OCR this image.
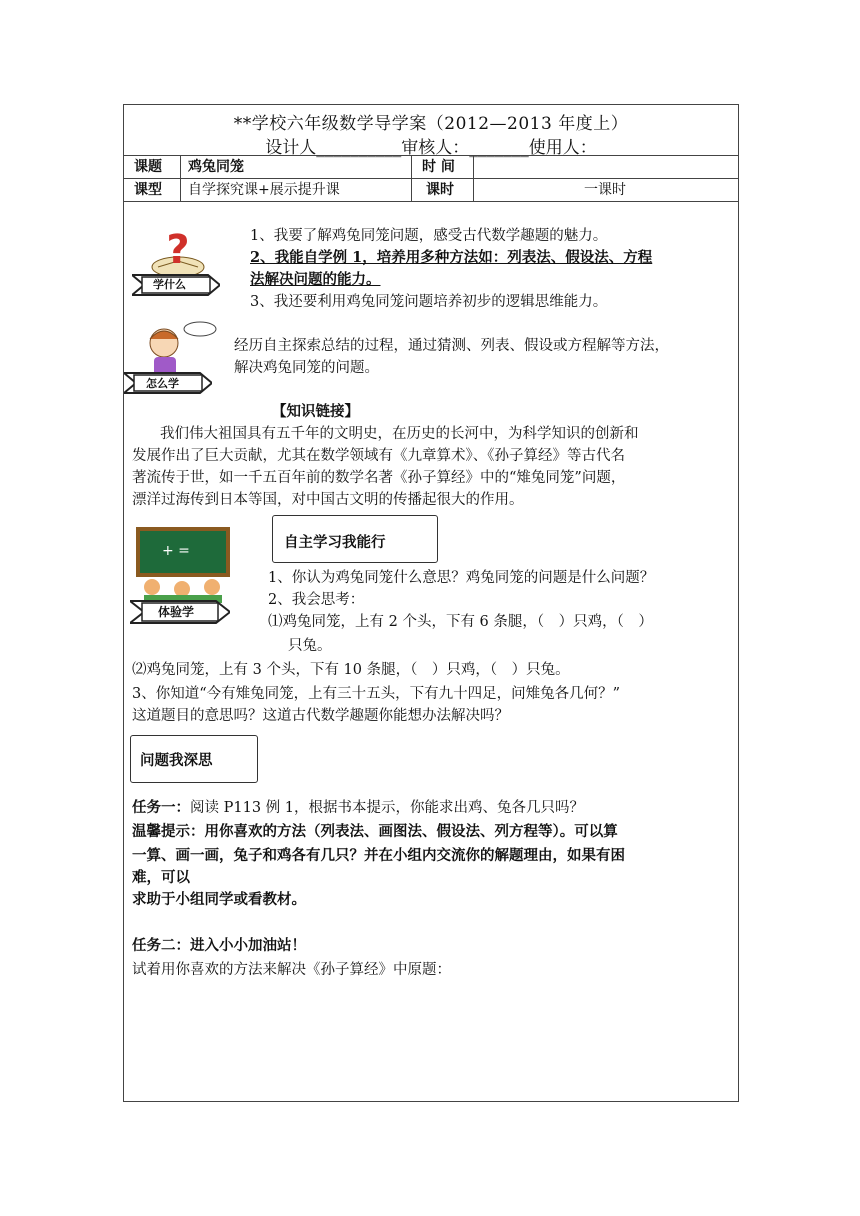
**学校六年级数学导学案（2012—2013 年度上）
设计人__________审核人：_______使用人：
课题 鸡兔同笼	时 间
课型 自学探究课+展示提升课	课时	一课时
?
学什么
1、我要了解鸡兔同笼问题，感受古代数学趣题的魅力。
2、我能自学例 1，培养用多种方法如：列表法、假设法、方程
法解决问题的能力。
3、我还要利用鸡兔同笼问题培养初步的逻辑思维能力。
怎么学
经历自主探索总结的过程，通过猜测、列表、假设或方程解等方法，
解决鸡兔同笼的问题。
【知识链接】
我们伟大祖国具有五千年的文明史，在历史的长河中，为科学知识的创新和
发展作出了巨大贡献，尤其在数学领域有《九章算术》、《孙子算经》等古代名
著流传于世，如一千五百年前的数学名著《孙子算经》中的“雉兔同笼”问题，
漂洋过海传到日本等国，对中国古文明的传播起很大的作用。
+ =
体验学
自主学习我能行
1、你认为鸡兔同笼什么意思？鸡兔同笼的问题是什么问题？
2、我会思考：
⑴鸡兔同笼，上有 2 个头，下有 6 条腿，（　）只鸡，（　）
只兔。
⑵鸡兔同笼，上有 3 个头，下有 10 条腿，（　）只鸡，（　）只兔。
3、你知道“今有雉兔同笼，上有三十五头，下有九十四足，问雉兔各几何？”
这道题目的意思吗？这道古代数学趣题你能想办法解决吗？
问题我深思
任务一：阅读 P113 例 1，根据书本提示，你能求出鸡、兔各几只吗？
温馨提示：用你喜欢的方法（列表法、画图法、假设法、列方程等）。可以算
一算、画一画，兔子和鸡各有几只？并在小组内交流你的解题理由，如果有困
难，可以
求助于小组同学或看教材。
任务二：进入小小加油站！
试着用你喜欢的方法来解决《孙子算经》中原题：
